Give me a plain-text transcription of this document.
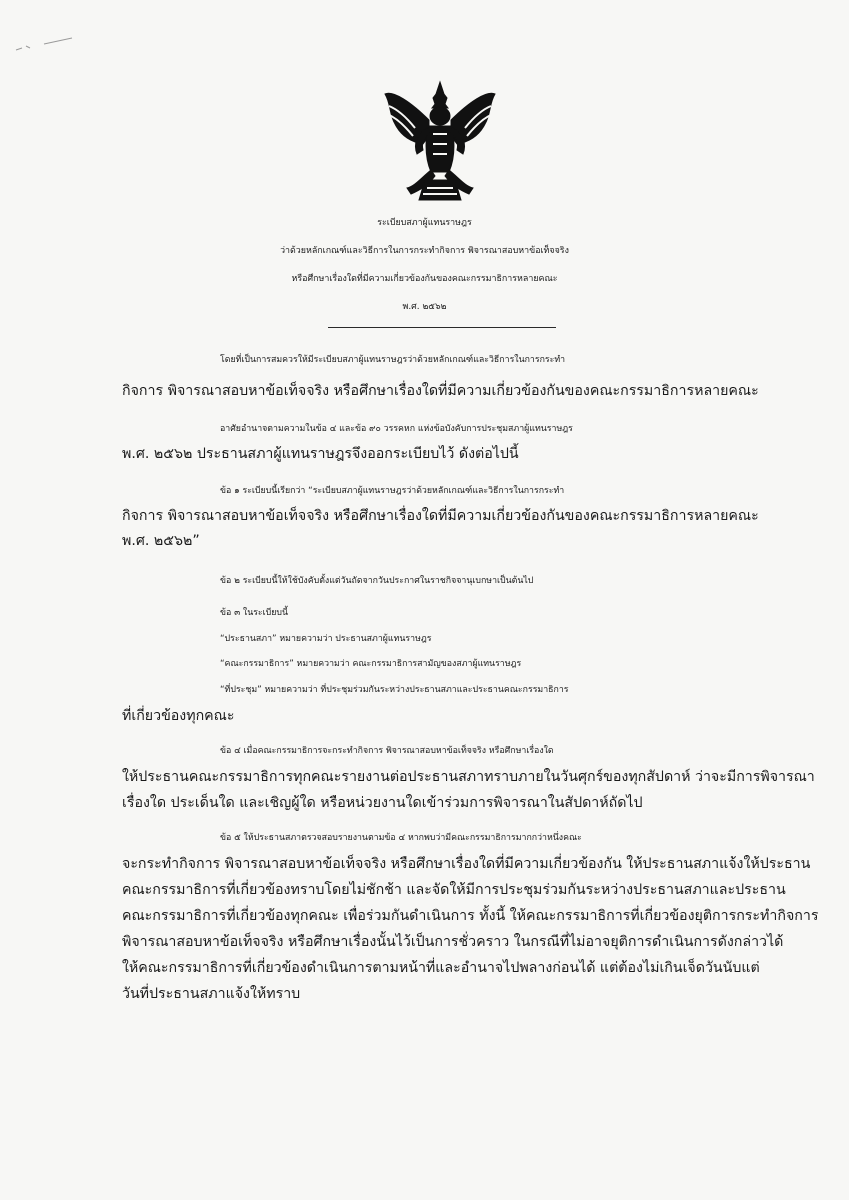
ระเบียบสภาผู้แทนราษฎร
ว่าด้วยหลักเกณฑ์และวิธีการในการกระทำกิจการ พิจารณาสอบหาข้อเท็จจริง
หรือศึกษาเรื่องใดที่มีความเกี่ยวข้องกันของคณะกรรมาธิการหลายคณะ
พ.ศ. ๒๕๖๒
โดยที่เป็นการสมควรให้มีระเบียบสภาผู้แทนราษฎรว่าด้วยหลักเกณฑ์และวิธีการในการกระทำ
กิจการ พิจารณาสอบหาข้อเท็จจริง หรือศึกษาเรื่องใดที่มีความเกี่ยวข้องกันของคณะกรรมาธิการหลายคณะ
อาศัยอำนาจตามความในข้อ ๔ และข้อ ๙๐ วรรคหก แห่งข้อบังคับการประชุมสภาผู้แทนราษฎร
พ.ศ. ๒๕๖๒ ประธานสภาผู้แทนราษฎรจึงออกระเบียบไว้ ดังต่อไปนี้
ข้อ ๑ ระเบียบนี้เรียกว่า “ระเบียบสภาผู้แทนราษฎรว่าด้วยหลักเกณฑ์และวิธีการในการกระทำ
กิจการ พิจารณาสอบหาข้อเท็จจริง หรือศึกษาเรื่องใดที่มีความเกี่ยวข้องกันของคณะกรรมาธิการหลายคณะ
พ.ศ. ๒๕๖๒”
ข้อ ๒ ระเบียบนี้ให้ใช้บังคับตั้งแต่วันถัดจากวันประกาศในราชกิจจานุเบกษาเป็นต้นไป
ข้อ ๓ ในระเบียบนี้
“ประธานสภา” หมายความว่า ประธานสภาผู้แทนราษฎร
“คณะกรรมาธิการ” หมายความว่า คณะกรรมาธิการสามัญของสภาผู้แทนราษฎร
“ที่ประชุม” หมายความว่า ที่ประชุมร่วมกันระหว่างประธานสภาและประธานคณะกรรมาธิการ
ที่เกี่ยวข้องทุกคณะ
ข้อ ๔ เมื่อคณะกรรมาธิการจะกระทำกิจการ พิจารณาสอบหาข้อเท็จจริง หรือศึกษาเรื่องใด
ให้ประธานคณะกรรมาธิการทุกคณะรายงานต่อประธานสภาทราบภายในวันศุกร์ของทุกสัปดาห์ ว่าจะมีการพิจารณา
เรื่องใด ประเด็นใด และเชิญผู้ใด หรือหน่วยงานใดเข้าร่วมการพิจารณาในสัปดาห์ถัดไป
ข้อ ๕ ให้ประธานสภาตรวจสอบรายงานตามข้อ ๔ หากพบว่ามีคณะกรรมาธิการมากกว่าหนึ่งคณะ
จะกระทำกิจการ พิจารณาสอบหาข้อเท็จจริง หรือศึกษาเรื่องใดที่มีความเกี่ยวข้องกัน ให้ประธานสภาแจ้งให้ประธาน
คณะกรรมาธิการที่เกี่ยวข้องทราบโดยไม่ชักช้า และจัดให้มีการประชุมร่วมกันระหว่างประธานสภาและประธาน
คณะกรรมาธิการที่เกี่ยวข้องทุกคณะ เพื่อร่วมกันดำเนินการ ทั้งนี้ ให้คณะกรรมาธิการที่เกี่ยวข้องยุติการกระทำกิจการ
พิจารณาสอบหาข้อเท็จจริง หรือศึกษาเรื่องนั้นไว้เป็นการชั่วคราว ในกรณีที่ไม่อาจยุติการดำเนินการดังกล่าวได้
ให้คณะกรรมาธิการที่เกี่ยวข้องดำเนินการตามหน้าที่และอำนาจไปพลางก่อนได้ แต่ต้องไม่เกินเจ็ดวันนับแต่
วันที่ประธานสภาแจ้งให้ทราบ
